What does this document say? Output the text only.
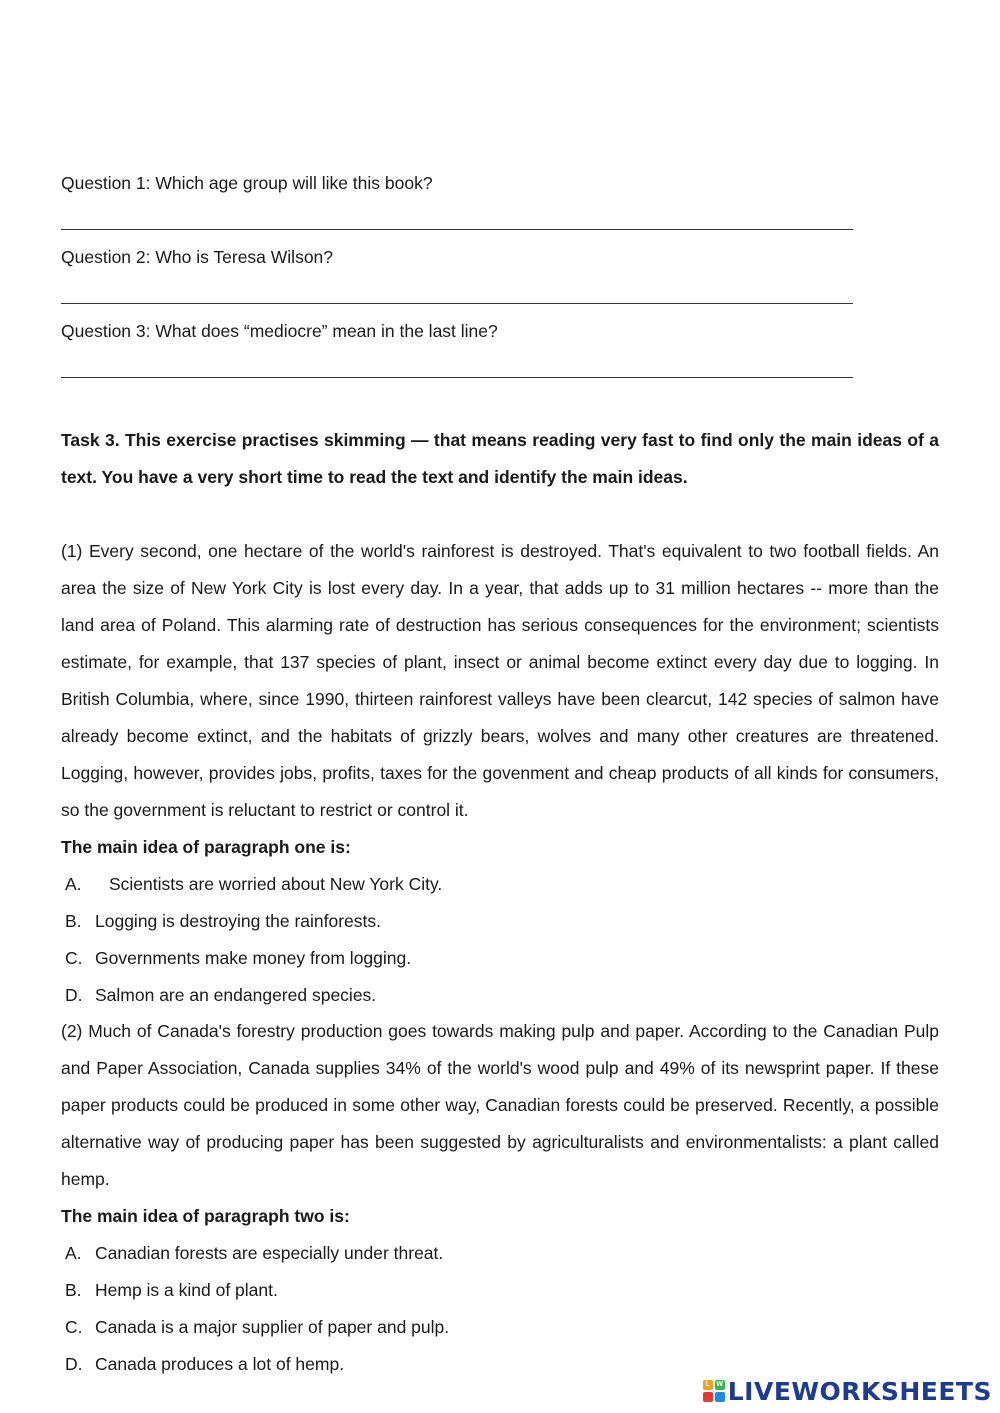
Question 1: Which age group will like this book?
Question 2: Who is Teresa Wilson?
Question 3: What does “mediocre” mean in the last line?
Task 3. This exercise practises skimming — that means reading very fast to find only the main ideas of a text. You have a very short time to read the text and identify the main ideas.
(1) Every second, one hectare of the world's rainforest is destroyed. That's equivalent to two football fields. An area the size of New York City is lost every day. In a year, that adds up to 31 million hectares -- more than the land area of Poland. This alarming rate of destruction has serious consequences for the environment; scientists estimate, for example, that 137 species of plant, insect or animal become extinct every day due to logging. In British Columbia, where, since 1990, thirteen rainforest valleys have been clearcut, 142 species of salmon have already become extinct, and the habitats of grizzly bears, wolves and many other creatures are threatened. Logging, however, provides jobs, profits, taxes for the govenment and cheap products of all kinds for consumers, so the government is reluctant to restrict or control it.
The main idea of paragraph one is:
A. Scientists are worried about New York City.
B. Logging is destroying the rainforests.
C. Governments make money from logging.
D. Salmon are an endangered species.
(2) Much of Canada's forestry production goes towards making pulp and paper. According to the Canadian Pulp and Paper Association, Canada supplies 34% of the world's wood pulp and 49% of its newsprint paper. If these paper products could be produced in some other way, Canadian forests could be preserved. Recently, a possible alternative way of producing paper has been suggested by agriculturalists and environmentalists: a plant called hemp.
The main idea of paragraph two is:
A. Canadian forests are especially under threat.
B. Hemp is a kind of plant.
C. Canada is a major supplier of paper and pulp.
D. Canada produces a lot of hemp.
L W LIVEWORKSHEETS
